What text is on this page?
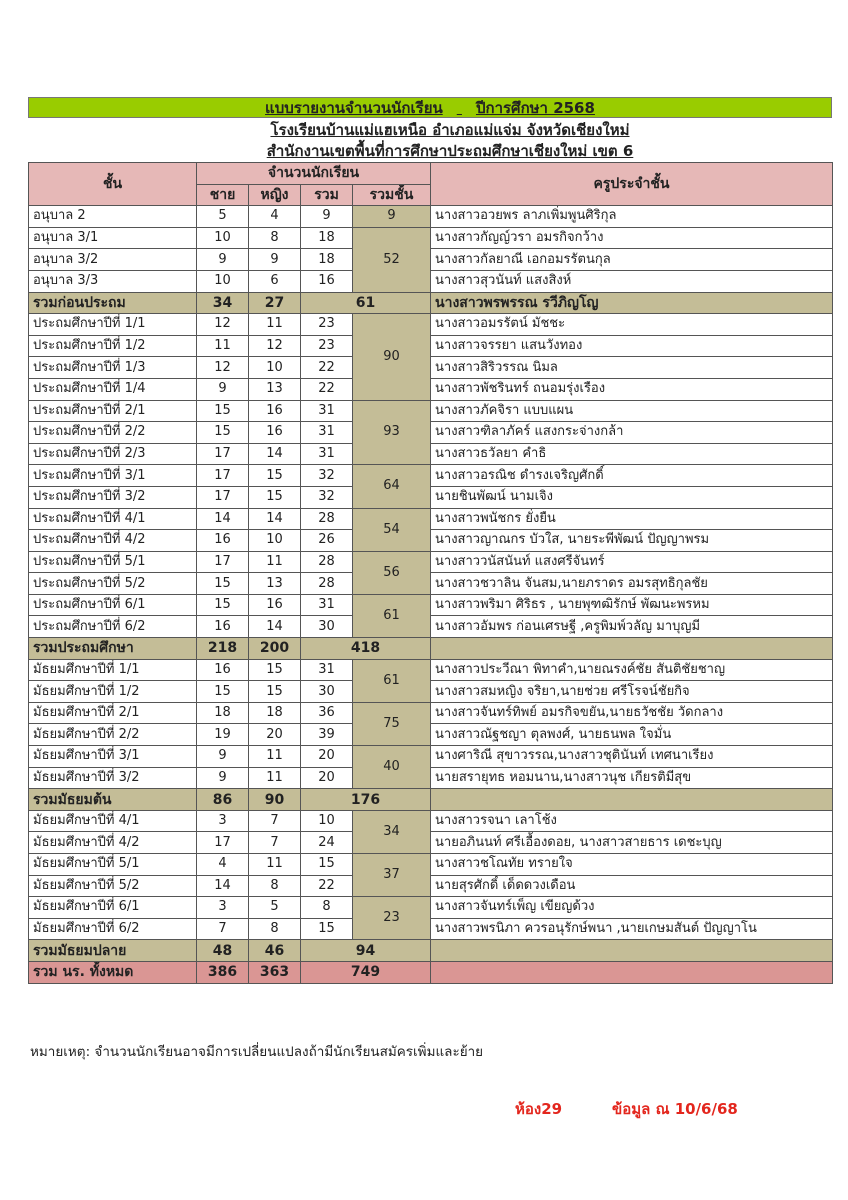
แบบรายงานจำนวนนักเรียน ปีการศึกษา 2568
โรงเรียนบ้านแม่แฮเหนือ อำเภอแม่แจ่ม จังหวัดเชียงใหม่
สำนักงานเขตพื้นที่การศึกษาประถมศึกษาเชียงใหม่ เขต 6
ชั้น	จำนวนนักเรียน				ครูประจำชั้น
	ชาย	หญิง	รวม	รวมชั้น	
อนุบาล 2	5	4	9	9	นางสาวอวยพร ลาภเพิ่มพูนศิริกุล
อนุบาล 3/1	10	8	18	52	นางสาวกัญญ์วรา อมรกิจกว้าง
อนุบาล 3/2	9	9	18		นางสาวกัลยาณี เอกอมรรัตนกุล
อนุบาล 3/3	10	6	16		นางสาวสุวนันท์ แสงสิงห์
รวมก่อนประถม	34	27	61		นางสาวพรพรรณ รวีภิญโญ
ประถมศึกษาปีที่ 1/1	12	11	23	90	นางสาวอมรรัตน์ มัชชะ
ประถมศึกษาปีที่ 1/2	11	12	23		นางสาวจรรยา แสนวังทอง
ประถมศึกษาปีที่ 1/3	12	10	22		นางสาวสิริวรรณ นิมล
ประถมศึกษาปีที่ 1/4	9	13	22		นางสาวพัชรินทร์ ถนอมรุ่งเรือง
ประถมศึกษาปีที่ 2/1	15	16	31	93	นางสาวภัคจิรา แบบแผน
ประถมศึกษาปีที่ 2/2	15	16	31		นางสาวฑิลาภัคร์ แสงกระจ่างกล้า
ประถมศึกษาปีที่ 2/3	17	14	31		นางสาวธวัลยา คำธิ
ประถมศึกษาปีที่ 3/1	17	15	32	64	นางสาวอรณิช ดำรงเจริญศักดิ์
ประถมศึกษาปีที่ 3/2	17	15	32		นายชินพัฒน์ นามเจิง
ประถมศึกษาปีที่ 4/1	14	14	28	54	นางสาวพนัชกร ยั่งยืน
ประถมศึกษาปีที่ 4/2	16	10	26		นางสาวญาณกร บัวใส, นายระพีพัฒน์ ปัญญาพรม
ประถมศึกษาปีที่ 5/1	17	11	28	56	นางสาววนัสนันท์ แสงศรีจันทร์
ประถมศึกษาปีที่ 5/2	15	13	28		นางสาวชวาลิน จันสม,นายภราดร อมรสุทธิกุลชัย
ประถมศึกษาปีที่ 6/1	15	16	31	61	นางสาวพริมา ศิริธร , นายพุฑฒิรักษ์ พัฒนะพรหม
ประถมศึกษาปีที่ 6/2	16	14	30		นางสาวอัมพร ก่อนเศรษฐี ,ครูพิมพ์วลัญ มาบุญมี
รวมประถมศึกษา	218	200	418		
มัธยมศึกษาปีที่ 1/1	16	15	31	61	นางสาวประวีณา พิทาคำ,นายณรงค์ชัย สันติชัยชาญ
มัธยมศึกษาปีที่ 1/2	15	15	30		นางสาวสมหญิง จริยา,นายช่วย ศรีโรจน์ชัยกิจ
มัธยมศึกษาปีที่ 2/1	18	18	36	75	นางสาวจันทร์ทิพย์ อมรกิจขยัน,นายธวัชชัย วัดกลาง
มัธยมศึกษาปีที่ 2/2	19	20	39		นางสาวณัฐชญา ตุลพงศ์, นายธนพล ใจมั่น
มัธยมศึกษาปีที่ 3/1	9	11	20	40	นางศาริณี สุขาวรรณ,นางสาวชุตินันท์ เทศนาเรียง
มัธยมศึกษาปีที่ 3/2	9	11	20		นายสรายุทธ หอมนาน,นางสาวนุช เกียรติมีสุข
รวมมัธยมต้น	86	90	176		
มัธยมศึกษาปีที่ 4/1	3	7	10	34	นางสาวรจนา เลาโช้ง
มัธยมศึกษาปีที่ 4/2	17	7	24		นายอภินนท์ ศรีเอื้องดอย, นางสาวสายธาร เดชะบุญ
มัธยมศึกษาปีที่ 5/1	4	11	15	37	นางสาวชโณทัย ทรายใจ
มัธยมศึกษาปีที่ 5/2	14	8	22		นายสุรศักดิ์ เด็ดดวงเดือน
มัธยมศึกษาปีที่ 6/1	3	5	8	23	นางสาวจันทร์เพ็ญ เขียญด้วง
มัธยมศึกษาปีที่ 6/2	7	8	15		นางสาวพรนิภา ควรอนุรักษ์พนา ,นายเกษมสันต์ ปัญญาโน
รวมมัธยมปลาย	48	46	94		
รวม นร. ทั้งหมด	386	363	749		
หมายเหตุ: จำนวนนักเรียนอาจมีการเปลี่ยนแปลงถ้ามีนักเรียนสมัครเพิ่มและย้าย
ห้อง29	ข้อมูล ณ 10/6/68
